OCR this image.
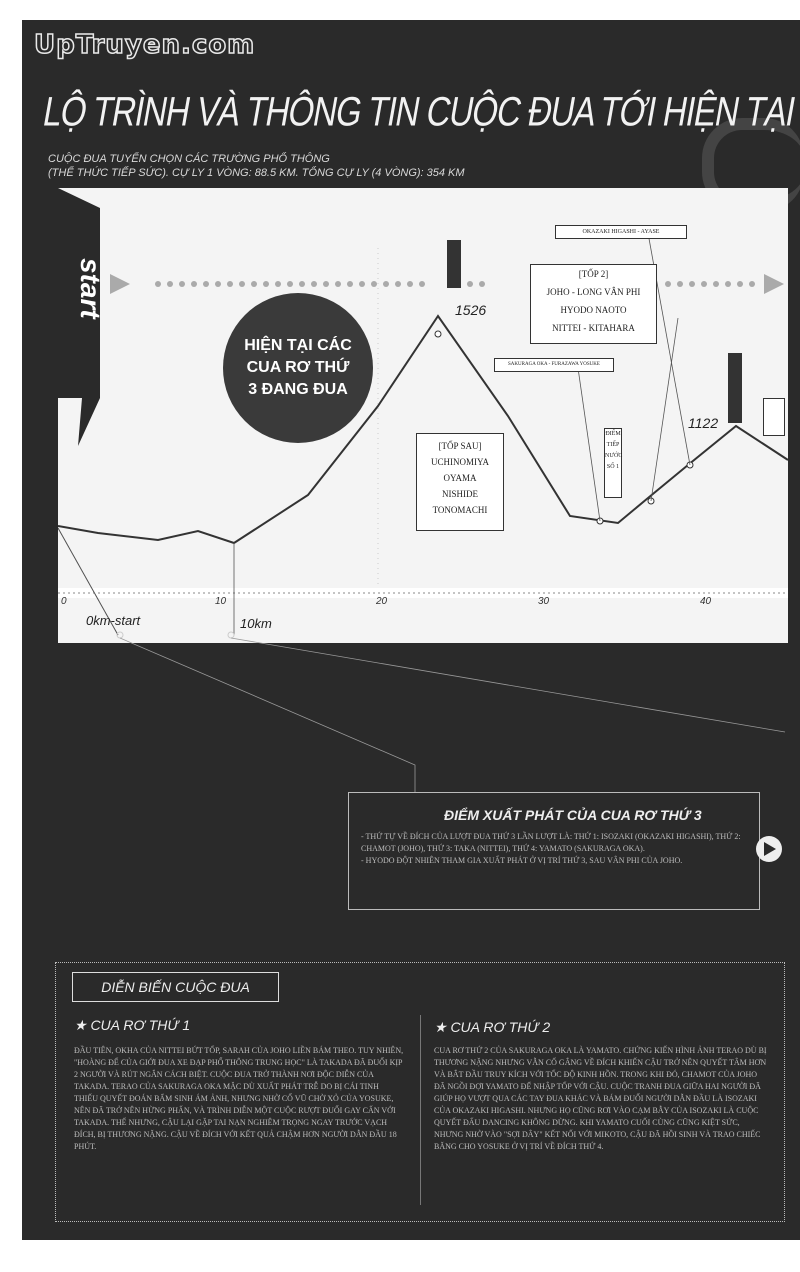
UpTruyen.com
LỘ TRÌNH VÀ THÔNG TIN CUỘC ĐUA TỚI HIỆN TẠI
CUỘC ĐUA TUYỂN CHỌN CÁC TRƯỜNG PHỔ THÔNG
(THỂ THỨC TIẾP SỨC). CỰ LY 1 VÒNG: 88.5 KM. TỔNG CỰ LY (4 VÒNG): 354 KM
start
HIỆN TẠI CÁC CUA RƠ THỨ 3 ĐANG ĐUA
1526
1122
OKAZAKI HIGASHI - AYASE
[TỐP 2]
JOHO - LONG VÂN PHI
HYODO NAOTO
NITTEI - KITAHARA
SAKURAGA OKA - FURAZAWA YOSUKE
[TỐP SAU]
UCHINOMIYA
OYAMA
NISHIDE
TONOMACHI
ĐIỂM TIẾP NƯỚC SỐ 1
0	10	20	30	40
0km-start	10km
ĐIỂM XUẤT PHÁT CỦA CUA RƠ THỨ 3
- THỨ TỰ VỀ ĐÍCH CỦA LƯỢT ĐUA THỨ 3 LẦN LƯỢT LÀ: THỨ 1: ISOZAKI (OKAZAKI HIGASHI), THỨ 2: CHAMOT (JOHO), THỨ 3: TAKA (NITTEI), THỨ 4: YAMATO (SAKURAGA OKA).
- HYODO ĐỘT NHIÊN THAM GIA XUẤT PHÁT Ở VỊ TRÍ THỨ 3, SAU VÂN PHI CỦA JOHO.
DIỄN BIẾN CUỘC ĐUA
★ CUA RƠ THỨ 1
ĐẦU TIÊN, OKHA CỦA NITTEI BỨT TỐP, SARAH CỦA JOHO LIỀN BÁM THEO. TUY NHIÊN, "HOÀNG ĐẾ CỦA GIỚI ĐUA XE ĐẠP PHỔ THÔNG TRUNG HỌC" LÀ TAKADA ĐÃ ĐUỔI KỊP 2 NGƯỜI VÀ RÚT NGẮN CÁCH BIỆT. CUỘC ĐUA TRỞ THÀNH NƠI ĐỘC DIỄN CỦA TAKADA. TERAO CỦA SAKURAGA OKA MẶC DÙ XUẤT PHÁT TRỄ DO BỊ CÁI TINH THIẾU QUYẾT ĐOÁN BẨM SINH ÁM ẢNH, NHƯNG NHỜ CỔ VŨ CHỜ XỎ CỦA YOSUKE, NÊN ĐÃ TRỞ NÊN HỪNG PHẤN, VÀ TRÌNH DIỄN MỘT CUỘC RƯỢT ĐUỔI GAY CẤN VỚI TAKADA. THẾ NHƯNG, CẬU LẠI GẶP TAI NẠN NGHIÊM TRỌNG NGAY TRƯỚC VẠCH ĐÍCH, BỊ THƯƠNG NẶNG. CẬU VỀ ĐÍCH VỚI KẾT QUẢ CHẬM HƠN NGƯỜI DẪN ĐẦU 18 PHÚT.
★ CUA RƠ THỨ 2
CUA RƠ THỨ 2 CỦA SAKURAGA OKA LÀ YAMATO. CHỨNG KIẾN HÌNH ẢNH TERAO DÙ BỊ THƯƠNG NẶNG NHƯNG VẪN CỐ GẮNG VỀ ĐÍCH KHIẾN CẬU TRỞ NÊN QUYẾT TÂM HƠN VÀ BẮT ĐẦU TRUY KÍCH VỚI TỐC ĐỘ KINH HỒN. TRONG KHI ĐÓ, CHAMOT CỦA JOHO ĐÃ NGỒI ĐỢI YAMATO ĐỂ NHẬP TỐP VỚI CẬU. CUỘC TRANH ĐUA GIỮA HAI NGƯỜI ĐÃ GIÚP HỌ VƯỢT QUA CÁC TAY ĐUA KHÁC VÀ BÁM ĐUỔI NGƯỜI DẪN ĐẦU LÀ ISOZAKI CỦA OKAZAKI HIGASHI. NHƯNG HỌ CŨNG RƠI VÀO CẠM BẪY CỦA ISOZAKI LÀ CUỘC QUYẾT ĐẤU DANCING KHÔNG DỪNG. KHI YAMATO CUỐI CÙNG CŨNG KIỆT SỨC, NHƯNG NHỜ VÀO "SỢI DÂY" KẾT NỐI VỚI MIKOTO, CẬU ĐÃ HỒI SINH VÀ TRAO CHIẾC BĂNG CHO YOSUKE Ở VỊ TRÍ VỀ ĐÍCH THỨ 4.
